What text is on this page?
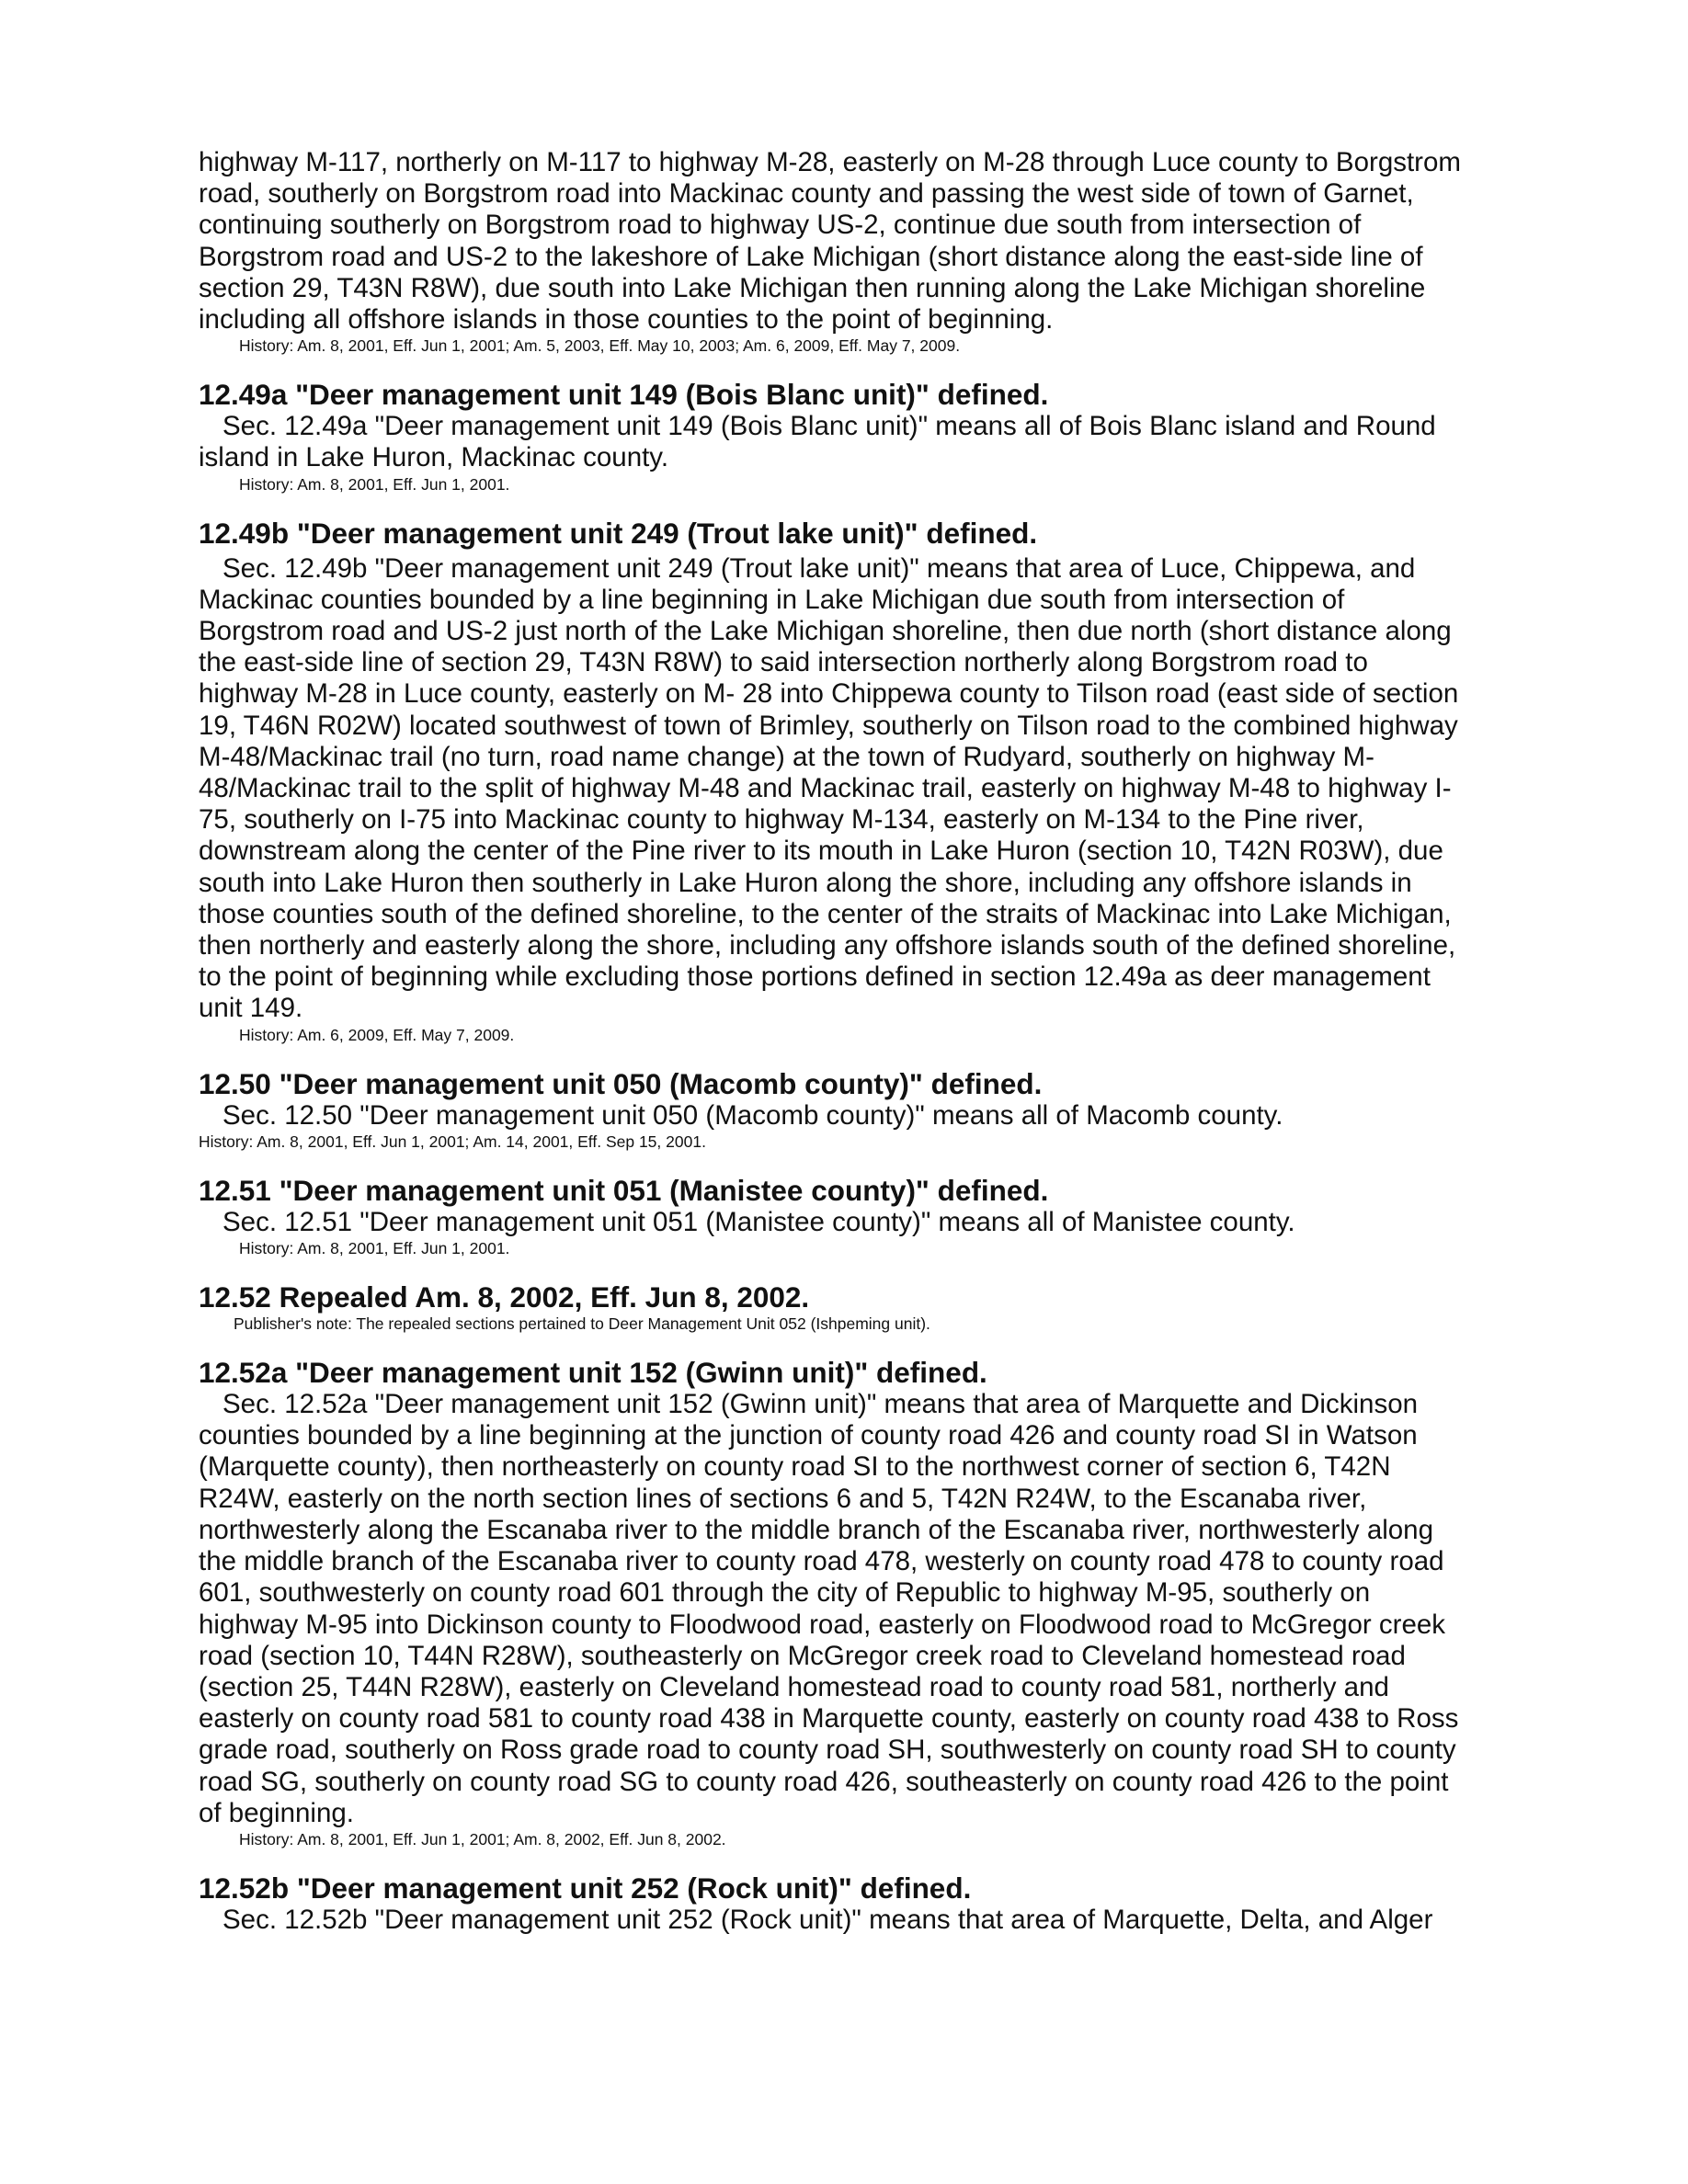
highway M-117, northerly on M-117 to highway M-28, easterly on M-28 through Luce county to Borgstrom
road, southerly on Borgstrom road into Mackinac county and passing the west side of town of Garnet,
continuing southerly on Borgstrom road to highway US-2, continue due south from intersection of
Borgstrom road and US-2 to the lakeshore of Lake Michigan (short distance along the east-side line of
section 29, T43N R8W), due south into Lake Michigan then running along the Lake Michigan shoreline
including all offshore islands in those counties to the point of beginning.

History: Am. 8, 2001, Eff. Jun 1, 2001; Am. 5, 2003, Eff. May 10, 2003; Am. 6, 2009, Eff. May 7, 2009.

12.49a "Deer management unit 149 (Bois Blanc unit)" defined.

Sec. 12.49a "Deer management unit 149 (Bois Blanc unit)" means all of Bois Blanc island and Round
island in Lake Huron, Mackinac county.

History: Am. 8, 2001, Eff. Jun 1, 2001.

12.49b "Deer management unit 249 (Trout lake unit)" defined.

Sec. 12.49b "Deer management unit 249 (Trout lake unit)" means that area of Luce, Chippewa, and
Mackinac counties bounded by a line beginning in Lake Michigan due south from intersection of
Borgstrom road and US-2 just north of the Lake Michigan shoreline, then due north (short distance along
the east-side line of section 29, T43N R8W) to said intersection northerly along Borgstrom road to
highway M-28 in Luce county, easterly on M- 28 into Chippewa county to Tilson road (east side of section
19, T46N R02W) located southwest of town of Brimley, southerly on Tilson road to the combined highway
M-48/Mackinac trail (no turn, road name change) at the town of Rudyard, southerly on highway M-
48/Mackinac trail to the split of highway M-48 and Mackinac trail, easterly on highway M-48 to highway I-
75, southerly on I-75 into Mackinac county to highway M-134, easterly on M-134 to the Pine river,
downstream along the center of the Pine river to its mouth in Lake Huron (section 10, T42N R03W), due
south into Lake Huron then southerly in Lake Huron along the shore, including any offshore islands in
those counties south of the defined shoreline, to the center of the straits of Mackinac into Lake Michigan,
then northerly and easterly along the shore, including any offshore islands south of the defined shoreline,
to the point of beginning while excluding those portions defined in section 12.49a as deer management
unit 149.

History: Am. 6, 2009, Eff. May 7, 2009.

12.50 "Deer management unit 050 (Macomb county)" defined.

Sec. 12.50 "Deer management unit 050 (Macomb county)" means all of Macomb county.

History: Am. 8, 2001, Eff. Jun 1, 2001; Am. 14, 2001, Eff. Sep 15, 2001.

12.51 "Deer management unit 051 (Manistee county)" defined.

Sec. 12.51 "Deer management unit 051 (Manistee county)" means all of Manistee county.

History: Am. 8, 2001, Eff. Jun 1, 2001.

12.52 Repealed Am. 8, 2002, Eff. Jun 8, 2002.

Publisher's note: The repealed sections pertained to Deer Management Unit 052 (Ishpeming unit).

12.52a "Deer management unit 152 (Gwinn unit)" defined.

Sec. 12.52a "Deer management unit 152 (Gwinn unit)" means that area of Marquette and Dickinson
counties bounded by a line beginning at the junction of county road 426 and county road SI in Watson
(Marquette county), then northeasterly on county road SI to the northwest corner of section 6, T42N
R24W, easterly on the north section lines of sections 6 and 5, T42N R24W, to the Escanaba river,
northwesterly along the Escanaba river to the middle branch of the Escanaba river, northwesterly along
the middle branch of the Escanaba river to county road 478, westerly on county road 478 to county road
601, southwesterly on county road 601 through the city of Republic to highway M-95, southerly on
highway M-95 into Dickinson county to Floodwood road, easterly on Floodwood road to McGregor creek
road (section 10, T44N R28W), southeasterly on McGregor creek road to Cleveland homestead road
(section 25, T44N R28W), easterly on Cleveland homestead road to county road 581, northerly and
easterly on county road 581 to county road 438 in Marquette county, easterly on county road 438 to Ross
grade road, southerly on Ross grade road to county road SH, southwesterly on county road SH to county
road SG, southerly on county road SG to county road 426, southeasterly on county road 426 to the point
of beginning.

History: Am. 8, 2001, Eff. Jun 1, 2001; Am. 8, 2002, Eff. Jun 8, 2002.

12.52b "Deer management unit 252 (Rock unit)" defined.

Sec. 12.52b "Deer management unit 252 (Rock unit)" means that area of Marquette, Delta, and Alger
